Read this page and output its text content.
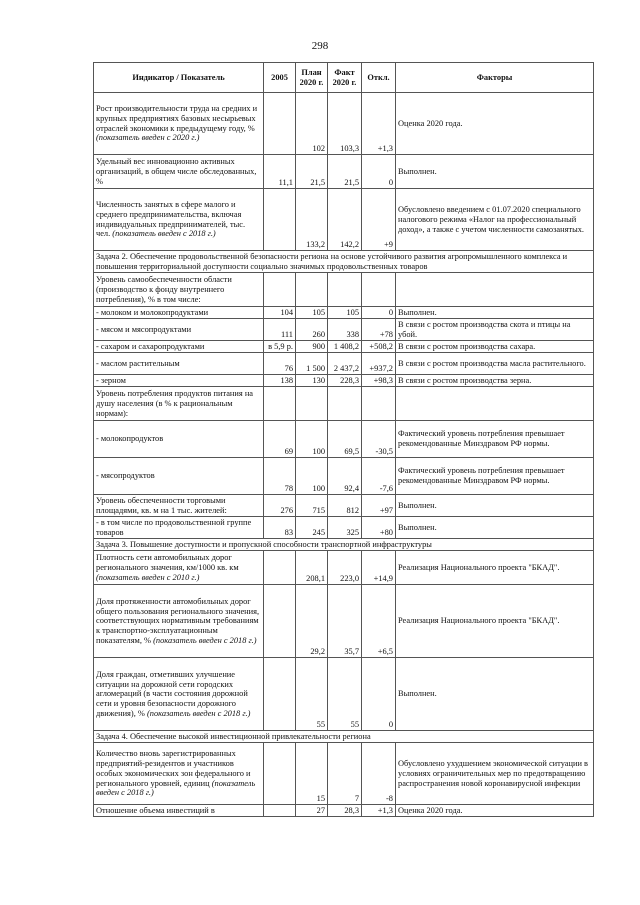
298
Индикатор / Показатель	2005	План 2020 г.	Факт 2020 г.	Откл.	Факторы
Рост производительности труда на средних и крупных предприятиях базовых несырьевых отраслей экономики к предыдущему году, % (показатель введен с 2020 г.)		102	103,3	+1,3	Оценка 2020 года.
Удельный вес инновационно активных организаций, в общем числе обследованных, %	11,1	21,5	21,5	0	Выполнен.
Численность занятых в сфере малого и среднего предпринимательства, включая индивидуальных предпринимателей, тыс. чел. (показатель введен с 2018 г.)		133,2	142,2	+9	Обусловлено введением с 01.07.2020 специального налогового режима «Налог на профессиональный доход», а также с учетом численности самозанятых.
Задача 2. Обеспечение продовольственной безопасности региона на основе устойчивого развития агропромышленного комплекса и повышения территориальной доступности социально значимых продовольственных товаров					
Уровень самообеспеченности области (производство к фонду внутреннего потребления), % в том числе:					
- молоком и молокопродуктами	104	105	105	0	Выполнен.
- мясом и мясопродуктами	111	260	338	+78	В связи с ростом производства скота и птицы на убой.
- сахаром и сахаропродуктами	в 5,9 р.	900	1 408,2	+508,2	В связи с ростом производства сахара.
- маслом растительным	76	1 500	2 437,2	+937,2	В связи с ростом производства масла растительного.
- зерном	138	130	228,3	+98,3	В связи с ростом производства зерна.
Уровень потребления продуктов питания на душу населения (в % к рациональным нормам):					
- молокопродуктов	69	100	69,5	-30,5	Фактический уровень потребления превышает рекомендованные Минздравом РФ нормы.
- мясопродуктов	78	100	92,4	-7,6	Фактический уровень потребления превышает рекомендованные Минздравом РФ нормы.
Уровень обеспеченности торговыми площадями, кв. м на 1 тыс. жителей:	276	715	812	+97	Выполнен.
- в том числе по продовольственной группе товаров	83	245	325	+80	Выполнен.
Задача 3. Повышение доступности и пропускной способности транспортной инфраструктуры					
Плотность сети автомобильных дорог регионального значения, км/1000 кв. км (показатель введен с 2010 г.)		208,1	223,0	+14,9	Реализация Национального проекта "БКАД".
Доля протяженности автомобильных дорог общего пользования регионального значения, соответствующих нормативным требованиям к транспортно-эксплуатационным показателям, % (показатель введен с 2018 г.)		29,2	35,7	+6,5	Реализация Национального проекта "БКАД".
Доля граждан, отметивших улучшение ситуации на дорожной сети городских агломераций (в части состояния дорожной сети и уровня безопасности дорожного движения), % (показатель введен с 2018 г.)		55	55	0	Выполнен.
Задача 4. Обеспечение высокой инвестиционной привлекательности региона					
Количество вновь зарегистрированных предприятий-резидентов и участников особых экономических зон федерального и регионального уровней, единиц (показатель введен с 2018 г.)		15	7	-8	Обусловлено ухудшением экономической ситуации в условиях ограничительных мер по предотвращению распространения новой коронавирусной инфекции
Отношение объема инвестиций в		27	28,3	+1,3	Оценка 2020 года.
